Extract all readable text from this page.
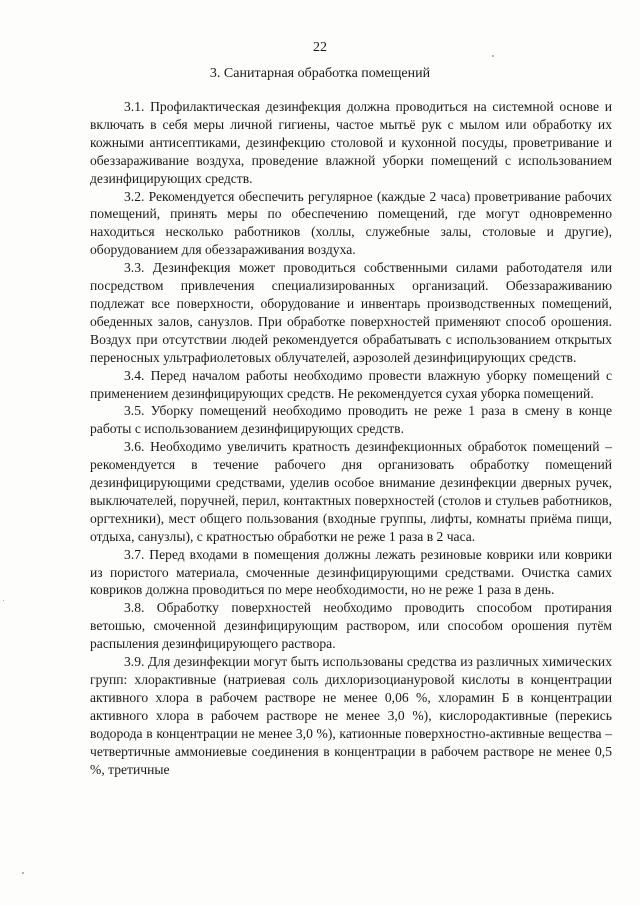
22
3. Санитарная обработка помещений

3.1. Профилактическая дезинфекция должна проводиться на системной основе и включать в себя меры личной гигиены, частое мытьё рук с мылом или обработку их кожными антисептиками, дезинфекцию столовой и кухонной посуды, проветривание и обеззараживание воздуха, проведение влажной уборки помещений с использованием дезинфицирующих средств.

3.2. Рекомендуется обеспечить регулярное (каждые 2 часа) проветривание рабочих помещений, принять меры по обеспечению помещений, где могут одновременно находиться несколько работников (холлы, служебные залы, столовые и другие), оборудованием для обеззараживания воздуха.

3.3. Дезинфекция может проводиться собственными силами работодателя или посредством привлечения специализированных организаций. Обеззараживанию подлежат все поверхности, оборудование и инвентарь производственных помещений, обеденных залов, санузлов. При обработке поверхностей применяют способ орошения. Воздух при отсутствии людей рекомендуется обрабатывать с использованием открытых переносных ультрафиолетовых облучателей, аэрозолей дезинфицирующих средств.

3.4. Перед началом работы необходимо провести влажную уборку помещений с применением дезинфицирующих средств. Не рекомендуется сухая уборка помещений.

3.5. Уборку помещений необходимо проводить не реже 1 раза в смену в конце работы с использованием дезинфицирующих средств.

3.6. Необходимо увеличить кратность дезинфекционных обработок помещений – рекомендуется в течение рабочего дня организовать обработку помещений дезинфицирующими средствами, уделив особое внимание дезинфекции дверных ручек, выключателей, поручней, перил, контактных поверхностей (столов и стульев работников, оргтехники), мест общего пользования (входные группы, лифты, комнаты приёма пищи, отдыха, санузлы), с кратностью обработки не реже 1 раза в 2 часа.

3.7. Перед входами в помещения должны лежать резиновые коврики или коврики из пористого материала, смоченные дезинфицирующими средствами. Очистка самих ковриков должна проводиться по мере необходимости, но не реже 1 раза в день.

3.8. Обработку поверхностей необходимо проводить способом протирания ветошью, смоченной дезинфицирующим раствором, или способом орошения путём распыления дезинфицирующего раствора.

3.9. Для дезинфекции могут быть использованы средства из различных химических групп: хлорактивные (натриевая соль дихлоризоциануровой кислоты в концентрации активного хлора в рабочем растворе не менее 0,06 %, хлорамин Б в концентрации активного хлора в рабочем растворе не менее 3,0 %), кислородактивные (перекись водорода в концентрации не менее 3,0 %), катионные поверхностно-активные вещества – четвертичные аммониевые соединения в концентрации в рабочем растворе не менее 0,5 %, третичные
